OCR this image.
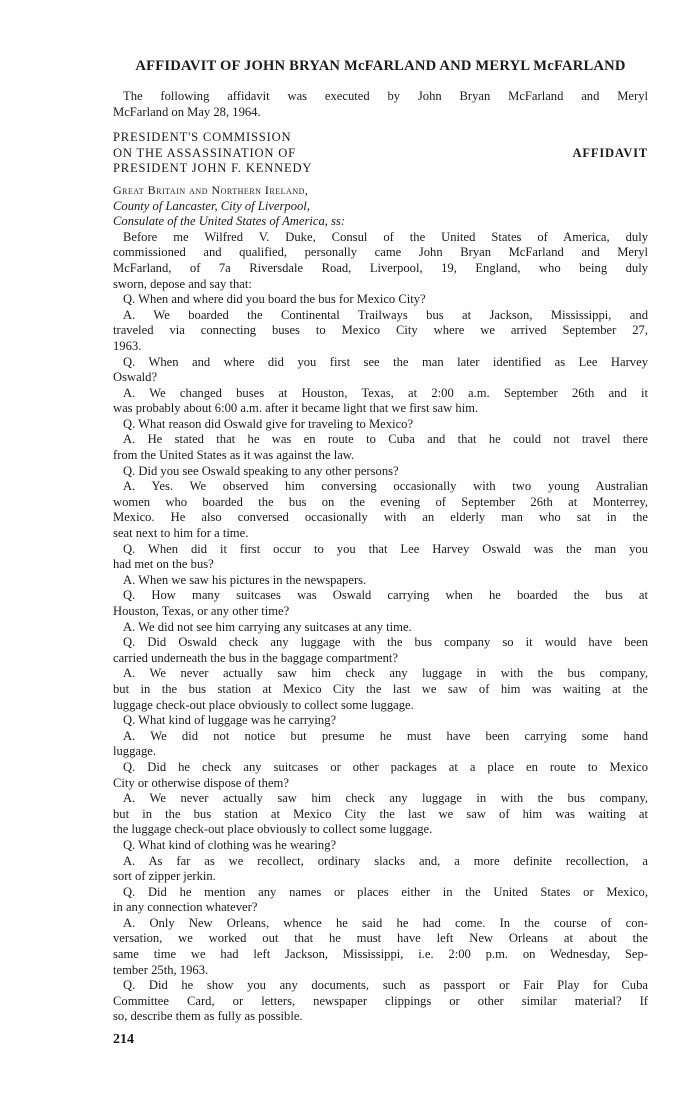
AFFIDAVIT OF JOHN BRYAN McFARLAND AND MERYL McFARLAND
The following affidavit was executed by John Bryan McFarland and Meryl
McFarland on May 28, 1964.
PRESIDENT'S COMMISSION
ON THE ASSASSINATION OF
PRESIDENT JOHN F. KENNEDY
AFFIDAVIT
Great Britain and Northern Ireland,
County of Lancaster, City of Liverpool,
Consulate of the United States of America, ss:
Before me Wilfred V. Duke, Consul of the United States of America, duly
commissioned and qualified, personally came John Bryan McFarland and Meryl
McFarland, of 7a Riversdale Road, Liverpool, 19, England, who being duly
sworn, depose and say that:
Q. When and where did you board the bus for Mexico City?
A. We boarded the Continental Trailways bus at Jackson, Mississippi, and
traveled via connecting buses to Mexico City where we arrived September 27,
1963.
Q. When and where did you first see the man later identified as Lee Harvey
Oswald?
A. We changed buses at Houston, Texas, at 2:00 a.m. September 26th and it
was probably about 6:00 a.m. after it became light that we first saw him.
Q. What reason did Oswald give for traveling to Mexico?
A. He stated that he was en route to Cuba and that he could not travel there
from the United States as it was against the law.
Q. Did you see Oswald speaking to any other persons?
A. Yes. We observed him conversing occasionally with two young Australian
women who boarded the bus on the evening of September 26th at Monterrey,
Mexico. He also conversed occasionally with an elderly man who sat in the
seat next to him for a time.
Q. When did it first occur to you that Lee Harvey Oswald was the man you
had met on the bus?
A. When we saw his pictures in the newspapers.
Q. How many suitcases was Oswald carrying when he boarded the bus at
Houston, Texas, or any other time?
A. We did not see him carrying any suitcases at any time.
Q. Did Oswald check any luggage with the bus company so it would have been
carried underneath the bus in the baggage compartment?
A. We never actually saw him check any luggage in with the bus company,
but in the bus station at Mexico City the last we saw of him was waiting at the
luggage check-out place obviously to collect some luggage.
Q. What kind of luggage was he carrying?
A. We did not notice but presume he must have been carrying some hand
luggage.
Q. Did he check any suitcases or other packages at a place en route to Mexico
City or otherwise dispose of them?
A. We never actually saw him check any luggage in with the bus company,
but in the bus station at Mexico City the last we saw of him was waiting at
the luggage check-out place obviously to collect some luggage.
Q. What kind of clothing was he wearing?
A. As far as we recollect, ordinary slacks and, a more definite recollection, a
sort of zipper jerkin.
Q. Did he mention any names or places either in the United States or Mexico,
in any connection whatever?
A. Only New Orleans, whence he said he had come. In the course of con-
versation, we worked out that he must have left New Orleans at about the
same time we had left Jackson, Mississippi, i.e. 2:00 p.m. on Wednesday, Sep-
tember 25th, 1963.
Q. Did he show you any documents, such as passport or Fair Play for Cuba
Committee Card, or letters, newspaper clippings or other similar material? If
so, describe them as fully as possible.
214
